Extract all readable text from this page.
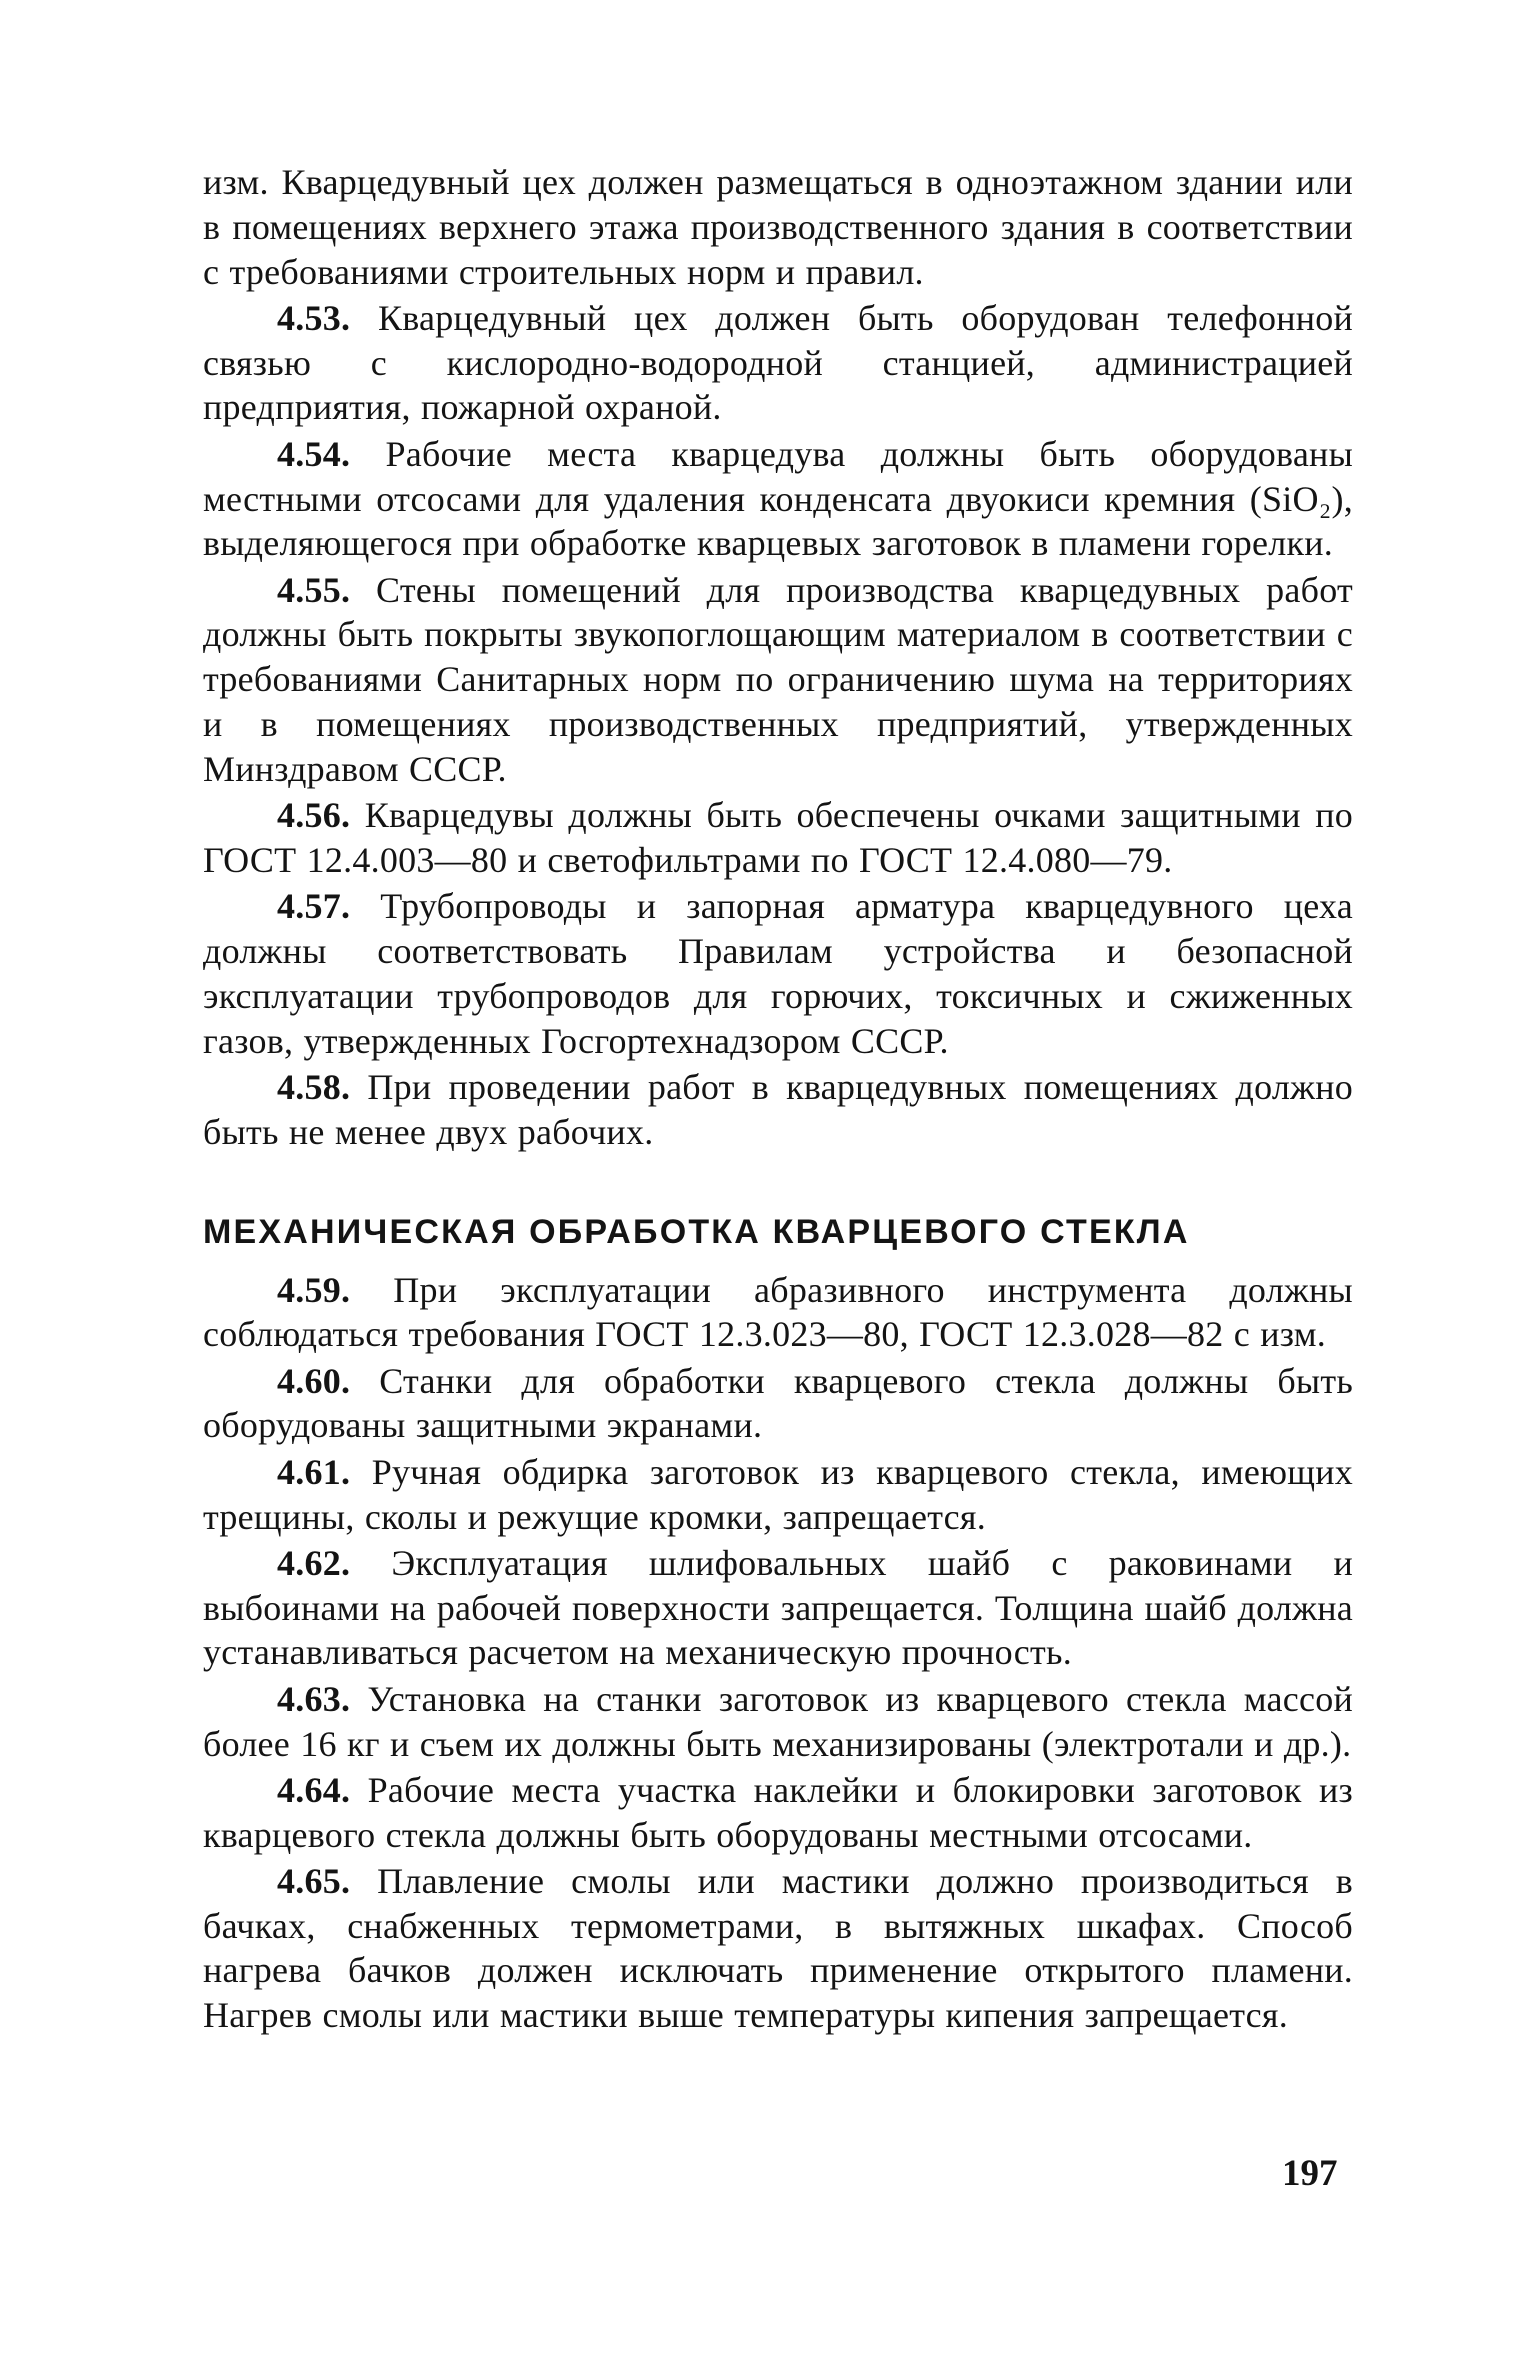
изм. Кварцедувный цех должен размещаться в одноэтажном здании или в помещениях верхнего этажа производственного здания в соответствии с требованиями строительных норм и правил.

4.53. Кварцедувный цех должен быть оборудован телефонной связью с кислородно-водородной станцией, администрацией предприятия, пожарной охраной.

4.54. Рабочие места кварцедува должны быть оборудованы местными отсосами для удаления конденсата двуокиси кремния (SiO₂), выделяющегося при обработке кварцевых заготовок в пламени горелки.

4.55. Стены помещений для производства кварцедувных работ должны быть покрыты звукопоглощающим материалом в соответствии с требованиями Санитарных норм по ограничению шума на территориях и в помещениях производственных предприятий, утвержденных Минздравом СССР.

4.56. Кварцедувы должны быть обеспечены очками защитными по ГОСТ 12.4.003—80 и светофильтрами по ГОСТ 12.4.080—79.

4.57. Трубопроводы и запорная арматура кварцедувного цеха должны соответствовать Правилам устройства и безопасной эксплуатации трубопроводов для горючих, токсичных и сжиженных газов, утвержденных Госгортехнадзором СССР.

4.58. При проведении работ в кварцедувных помещениях должно быть не менее двух рабочих.

МЕХАНИЧЕСКАЯ ОБРАБОТКА КВАРЦЕВОГО СТЕКЛА

4.59. При эксплуатации абразивного инструмента должны соблюдаться требования ГОСТ 12.3.023—80, ГОСТ 12.3.028—82 с изм.

4.60. Станки для обработки кварцевого стекла должны быть оборудованы защитными экранами.

4.61. Ручная обдирка заготовок из кварцевого стекла, имеющих трещины, сколы и режущие кромки, запрещается.

4.62. Эксплуатация шлифовальных шайб с раковинами и выбоинами на рабочей поверхности запрещается. Толщина шайб должна устанавливаться расчетом на механическую прочность.

4.63. Установка на станки заготовок из кварцевого стекла массой более 16 кг и съем их должны быть механизированы (электротали и др.).

4.64. Рабочие места участка наклейки и блокировки заготовок из кварцевого стекла должны быть оборудованы местными отсосами.

4.65. Плавление смолы или мастики должно производиться в бачках, снабженных термометрами, в вытяжных шкафах. Способ нагрева бачков должен исключать применение открытого пламени. Нагрев смолы или мастики выше температуры кипения запрещается.

197
